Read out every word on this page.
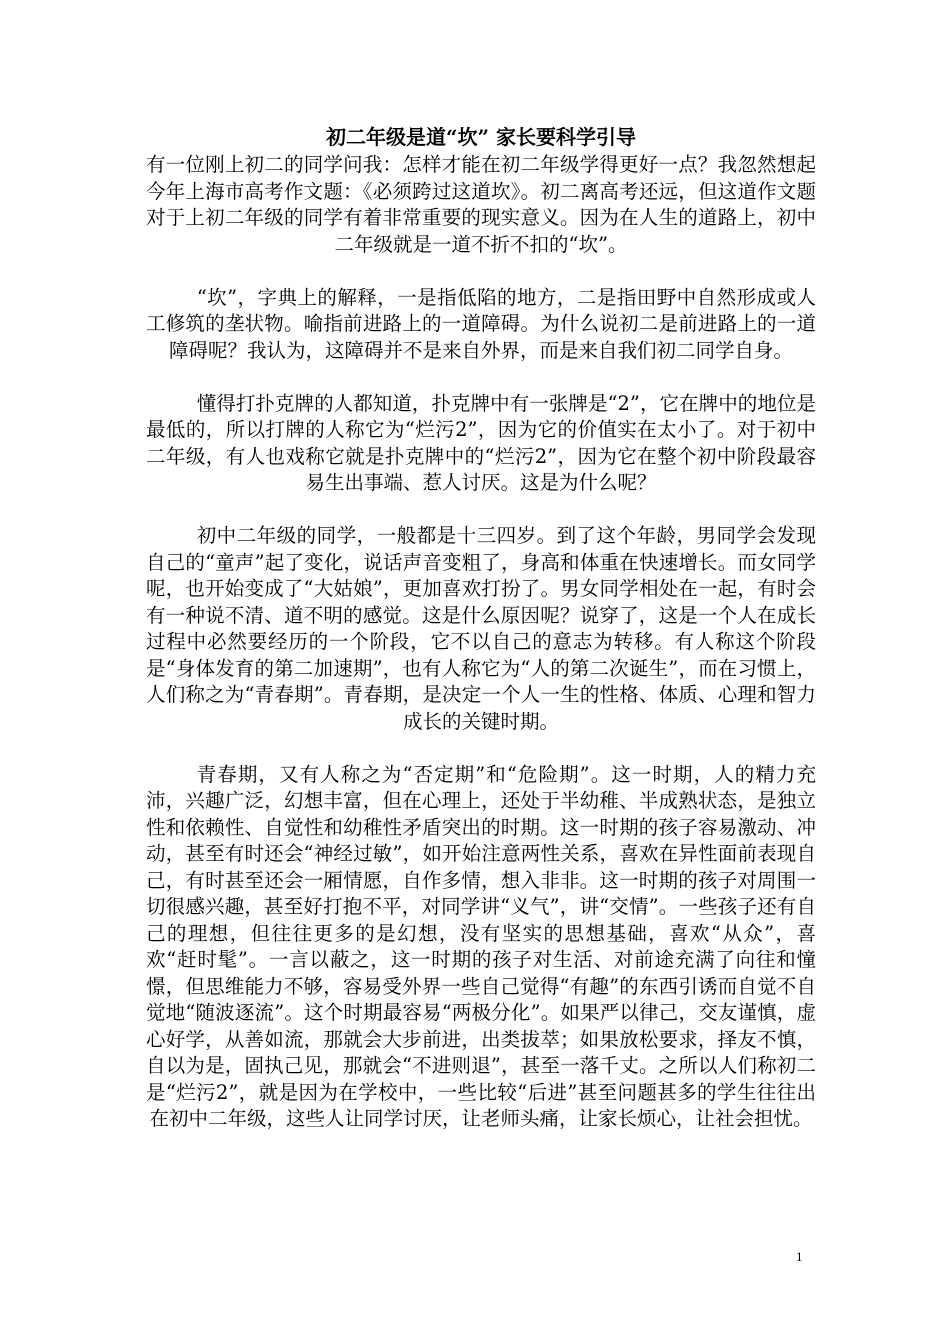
初二年级是道“坎” 家长要科学引导

有一位刚上初二的同学问我：怎样才能在初二年级学得更好一点？我忽然想起今年上海市高考作文题：《必须跨过这道坎》。初二离高考还远，但这道作文题对于上初二年级的同学有着非常重要的现实意义。因为在人生的道路上，初中二年级就是一道不折不扣的“坎”。

“坎”，字典上的解释，一是指低陷的地方，二是指田野中自然形成或人工修筑的垄状物。喻指前进路上的一道障碍。为什么说初二是前进路上的一道障碍呢？我认为，这障碍并不是来自外界，而是来自我们初二同学自身。

懂得打扑克牌的人都知道，扑克牌中有一张牌是“2”，它在牌中的地位是最低的，所以打牌的人称它为“烂污2”，因为它的价值实在太小了。对于初中二年级，有人也戏称它就是扑克牌中的“烂污2”，因为它在整个初中阶段最容易生出事端、惹人讨厌。这是为什么呢？

初中二年级的同学，一般都是十三四岁。到了这个年龄，男同学会发现自己的“童声”起了变化，说话声音变粗了，身高和体重在快速增长。而女同学呢，也开始变成了“大姑娘”，更加喜欢打扮了。男女同学相处在一起，有时会有一种说不清、道不明的感觉。这是什么原因呢？说穿了，这是一个人在成长过程中必然要经历的一个阶段，它不以自己的意志为转移。有人称这个阶段是“身体发育的第二加速期”，也有人称它为“人的第二次诞生”，而在习惯上，人们称之为“青春期”。青春期，是决定一个人一生的性格、体质、心理和智力成长的关键时期。

青春期，又有人称之为“否定期”和“危险期”。这一时期，人的精力充沛，兴趣广泛，幻想丰富，但在心理上，还处于半幼稚、半成熟状态，是独立性和依赖性、自觉性和幼稚性矛盾突出的时期。这一时期的孩子容易激动、冲动，甚至有时还会“神经过敏”，如开始注意两性关系，喜欢在异性面前表现自己，有时甚至还会一厢情愿，自作多情，想入非非。这一时期的孩子对周围一切很感兴趣，甚至好打抱不平，对同学讲“义气”，讲“交情”。一些孩子还有自己的理想，但往往更多的是幻想，没有坚实的思想基础，喜欢“从众”，喜欢“赶时髦”。一言以蔽之，这一时期的孩子对生活、对前途充满了向往和憧憬，但思维能力不够，容易受外界一些自己觉得“有趣”的东西引诱而自觉不自觉地“随波逐流”。这个时期最容易“两极分化”。如果严以律己，交友谨慎，虚心好学，从善如流，那就会大步前进，出类拔萃；如果放松要求，择友不慎，自以为是，固执己见，那就会“不进则退”，甚至一落千丈。之所以人们称初二是“烂污2”，就是因为在学校中，一些比较“后进”甚至问题甚多的学生往往出在初中二年级，这些人让同学讨厌，让老师头痛，让家长烦心，让社会担忧。

1
